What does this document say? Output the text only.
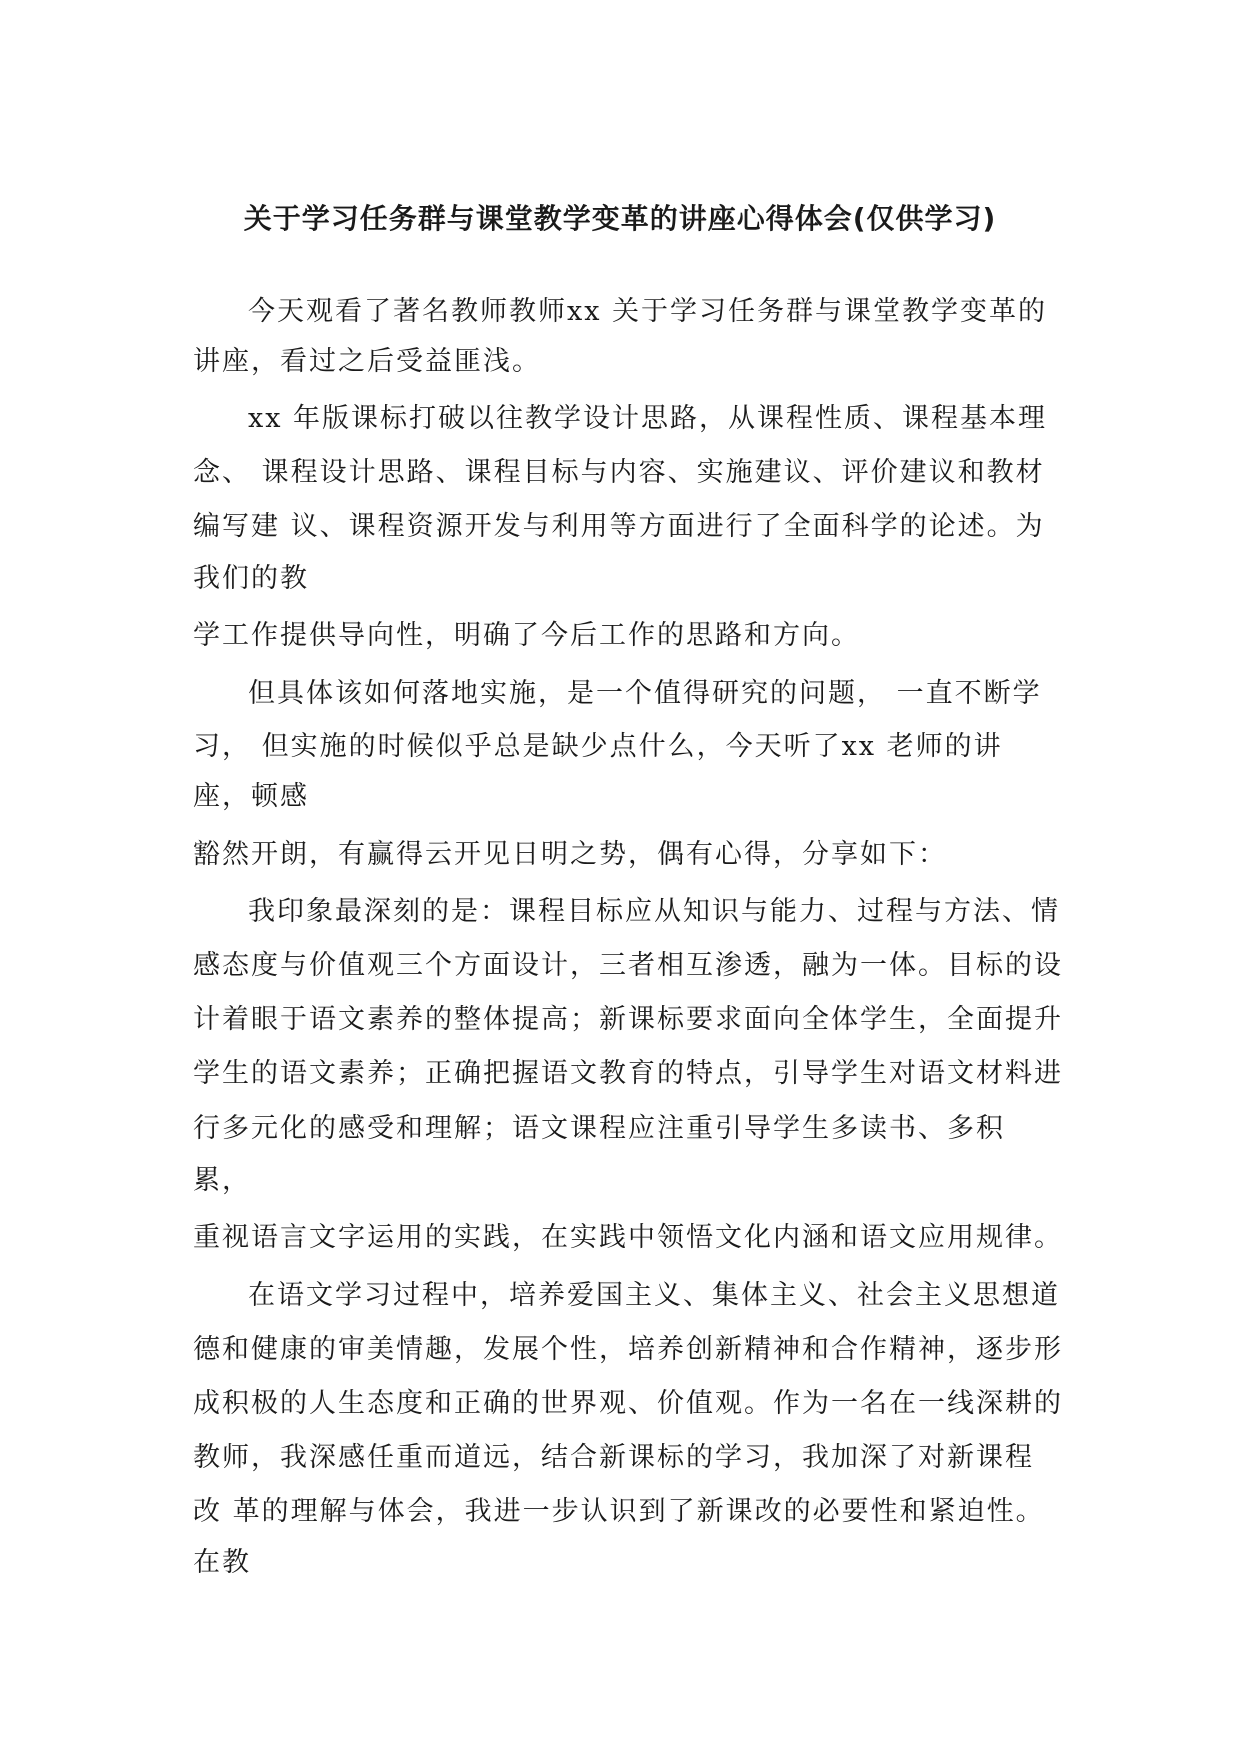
关于学习任务群与课堂教学变革的讲座心得体会(仅供学习)

今天观看了著名教师教师xx 关于学习任务群与课堂教学变革的

讲座，看过之后受益匪浅。

xx 年版课标打破以往教学设计思路，从课程性质、课程基本理

念、 课程设计思路、课程目标与内容、实施建议、评价建议和教材

编写建 议、课程资源开发与利用等方面进行了全面科学的论述。为

我们的教

学工作提供导向性，明确了今后工作的思路和方向。

但具体该如何落地实施，是一个值得研究的问题， 一直不断学

习， 但实施的时候似乎总是缺少点什么，今天听了xx 老师的讲

座，顿感

豁然开朗，有赢得云开见日明之势，偶有心得，分享如下：

我印象最深刻的是：课程目标应从知识与能力、过程与方法、情

感态度与价值观三个方面设计，三者相互渗透，融为一体。目标的设

计着眼于语文素养的整体提高；新课标要求面向全体学生，全面提升

学生的语文素养；正确把握语文教育的特点，引导学生对语文材料进

行多元化的感受和理解；语文课程应注重引导学生多读书、多积

累，

重视语言文字运用的实践，在实践中领悟文化内涵和语文应用规律。

在语文学习过程中，培养爱国主义、集体主义、社会主义思想道

德和健康的审美情趣，发展个性，培养创新精神和合作精神，逐步形

成积极的人生态度和正确的世界观、价值观。作为一名在一线深耕的

教师，我深感任重而道远，结合新课标的学习，我加深了对新课程

改 革的理解与体会，我进一步认识到了新课改的必要性和紧迫性。

在教
